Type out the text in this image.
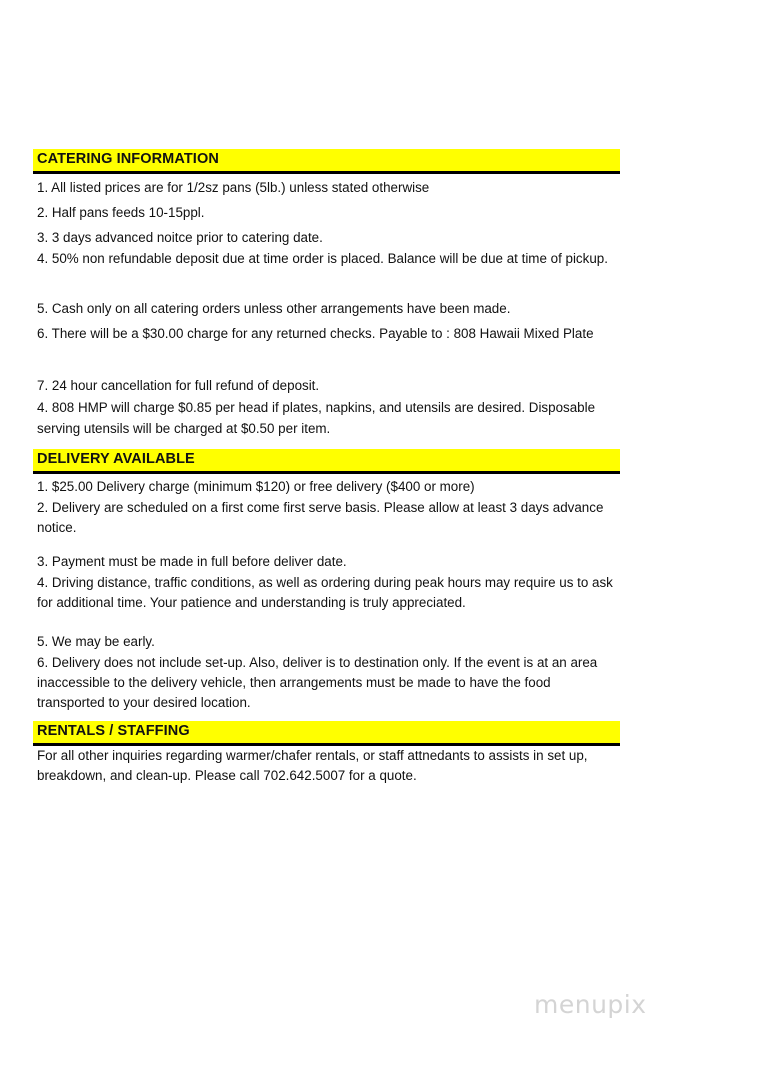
CATERING INFORMATION
1. All listed prices are for 1/2sz pans (5lb.) unless stated otherwise
2. Half pans feeds 10-15ppl.
3. 3 days advanced noitce prior to catering date.
4. 50% non refundable deposit due at time order is placed. Balance will be due at time of pickup.
5. Cash only on all catering orders unless other arrangements have been made.
6. There will be a $30.00 charge for any returned checks. Payable to : 808 Hawaii Mixed Plate
7. 24 hour cancellation for full refund of deposit.
4. 808 HMP will charge $0.85 per head if plates, napkins, and utensils are desired. Disposable
serving utensils will be charged at $0.50 per item.
DELIVERY AVAILABLE
1. $25.00 Delivery charge (minimum $120) or free delivery ($400 or more)
2. Delivery are scheduled on a first come first serve basis. Please allow at least 3 days advance
notice.
3. Payment must be made in full before deliver date.
4. Driving distance, traffic conditions, as well as ordering during peak hours may require us to ask
for additional time. Your patience and understanding is truly appreciated.
5. We may be early.
6. Delivery does not include set-up. Also, deliver is to destination only. If the event is at an area
inaccessible to the delivery vehicle, then arrangements must be made to have the food
transported to your desired location.
RENTALS / STAFFING
For all other inquiries regarding warmer/chafer rentals, or staff attnedants to assists in set up,
breakdown, and clean-up. Please call 702.642.5007 for a quote.
menupix
